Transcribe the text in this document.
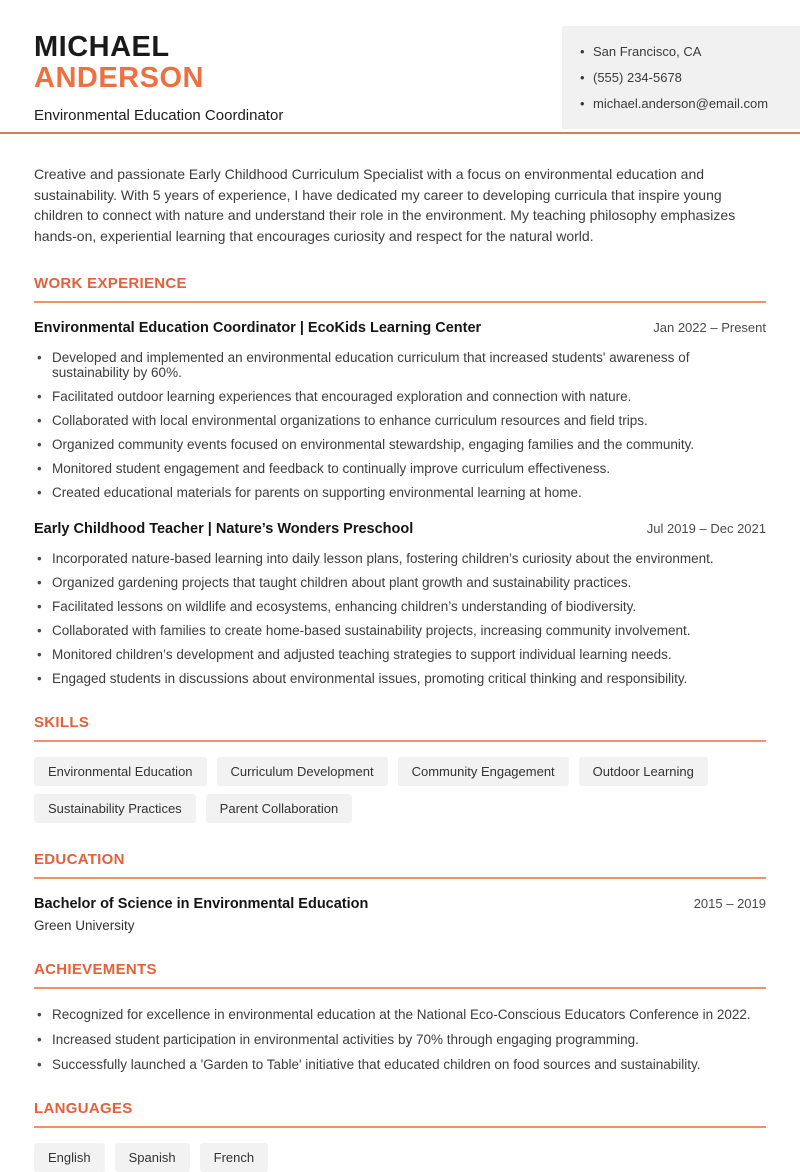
MICHAEL
ANDERSON
Environmental Education Coordinator
• San Francisco, CA
• (555) 234-5678
• michael.anderson@email.com

Creative and passionate Early Childhood Curriculum Specialist with a focus on environmental education and sustainability. With 5 years of experience, I have dedicated my career to developing curricula that inspire young children to connect with nature and understand their role in the environment. My teaching philosophy emphasizes hands-on, experiential learning that encourages curiosity and respect for the natural world.

WORK EXPERIENCE
Environmental Education Coordinator | EcoKids Learning Center	Jan 2022 – Present
• Developed and implemented an environmental education curriculum that increased students' awareness of sustainability by 60%.
• Facilitated outdoor learning experiences that encouraged exploration and connection with nature.
• Collaborated with local environmental organizations to enhance curriculum resources and field trips.
• Organized community events focused on environmental stewardship, engaging families and the community.
• Monitored student engagement and feedback to continually improve curriculum effectiveness.
• Created educational materials for parents on supporting environmental learning at home.
Early Childhood Teacher | Nature’s Wonders Preschool	Jul 2019 – Dec 2021
• Incorporated nature-based learning into daily lesson plans, fostering children’s curiosity about the environment.
• Organized gardening projects that taught children about plant growth and sustainability practices.
• Facilitated lessons on wildlife and ecosystems, enhancing children’s understanding of biodiversity.
• Collaborated with families to create home-based sustainability projects, increasing community involvement.
• Monitored children’s development and adjusted teaching strategies to support individual learning needs.
• Engaged students in discussions about environmental issues, promoting critical thinking and responsibility.
SKILLS
Environmental Education	Curriculum Development	Community Engagement	Outdoor Learning
Sustainability Practices	Parent Collaboration
EDUCATION
Bachelor of Science in Environmental Education	2015 – 2019
Green University
ACHIEVEMENTS
• Recognized for excellence in environmental education at the National Eco-Conscious Educators Conference in 2022.
• Increased student participation in environmental activities by 70% through engaging programming.
• Successfully launched a 'Garden to Table' initiative that educated children on food sources and sustainability.
LANGUAGES
English	Spanish	French
